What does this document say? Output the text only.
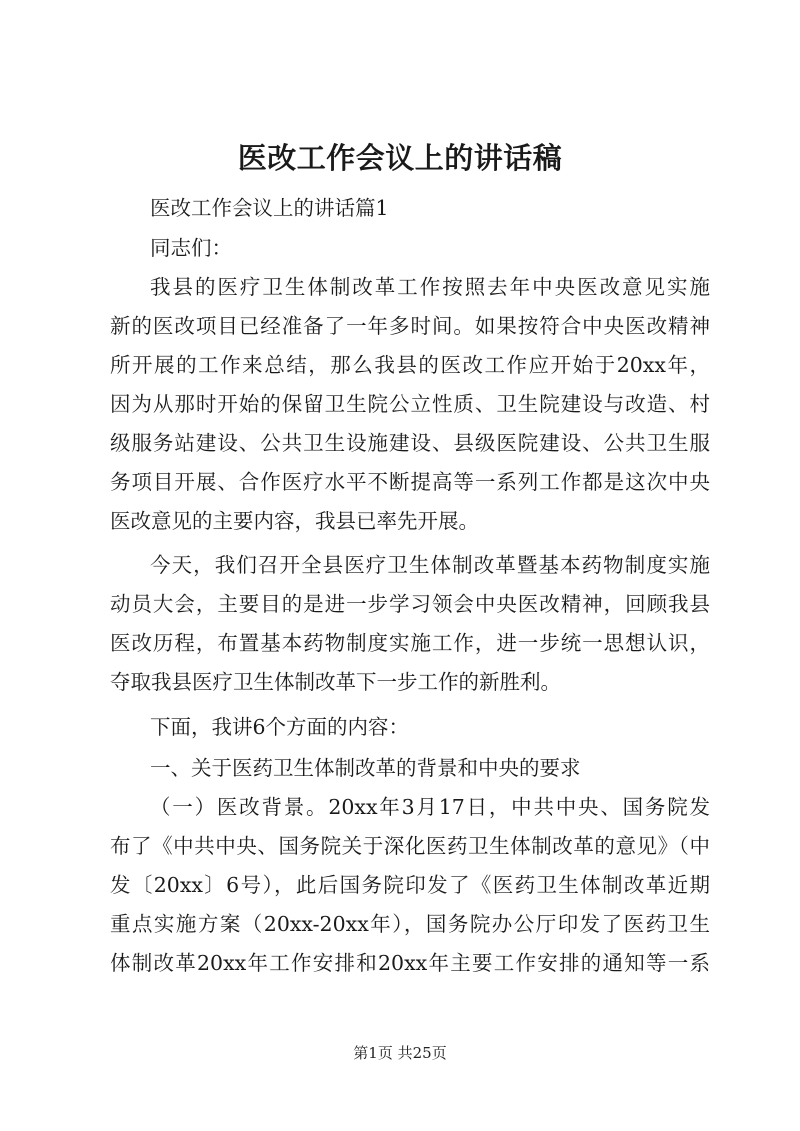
医改工作会议上的讲话稿
医改工作会议上的讲话篇1
同志们：
我县的医疗卫生体制改革工作按照去年中央医改意见实施
新的医改项目已经准备了一年多时间。如果按符合中央医改精神
所开展的工作来总结，那么我县的医改工作应开始于20xx年，
因为从那时开始的保留卫生院公立性质、卫生院建设与改造、村
级服务站建设、公共卫生设施建设、县级医院建设、公共卫生服
务项目开展、合作医疗水平不断提高等一系列工作都是这次中央
医改意见的主要内容，我县已率先开展。
今天，我们召开全县医疗卫生体制改革暨基本药物制度实施
动员大会，主要目的是进一步学习领会中央医改精神，回顾我县
医改历程，布置基本药物制度实施工作，进一步统一思想认识，
夺取我县医疗卫生体制改革下一步工作的新胜利。
下面，我讲6个方面的内容：
一、关于医药卫生体制改革的背景和中央的要求
（一）医改背景。20xx年3月17日，中共中央、国务院发
布了《中共中央、国务院关于深化医药卫生体制改革的意见》（中
发〔20xx〕6号），此后国务院印发了《医药卫生体制改革近期
重点实施方案（20xx-20xx年），国务院办公厅印发了医药卫生
体制改革20xx年工作安排和20xx年主要工作安排的通知等一系
第1页 共25页
